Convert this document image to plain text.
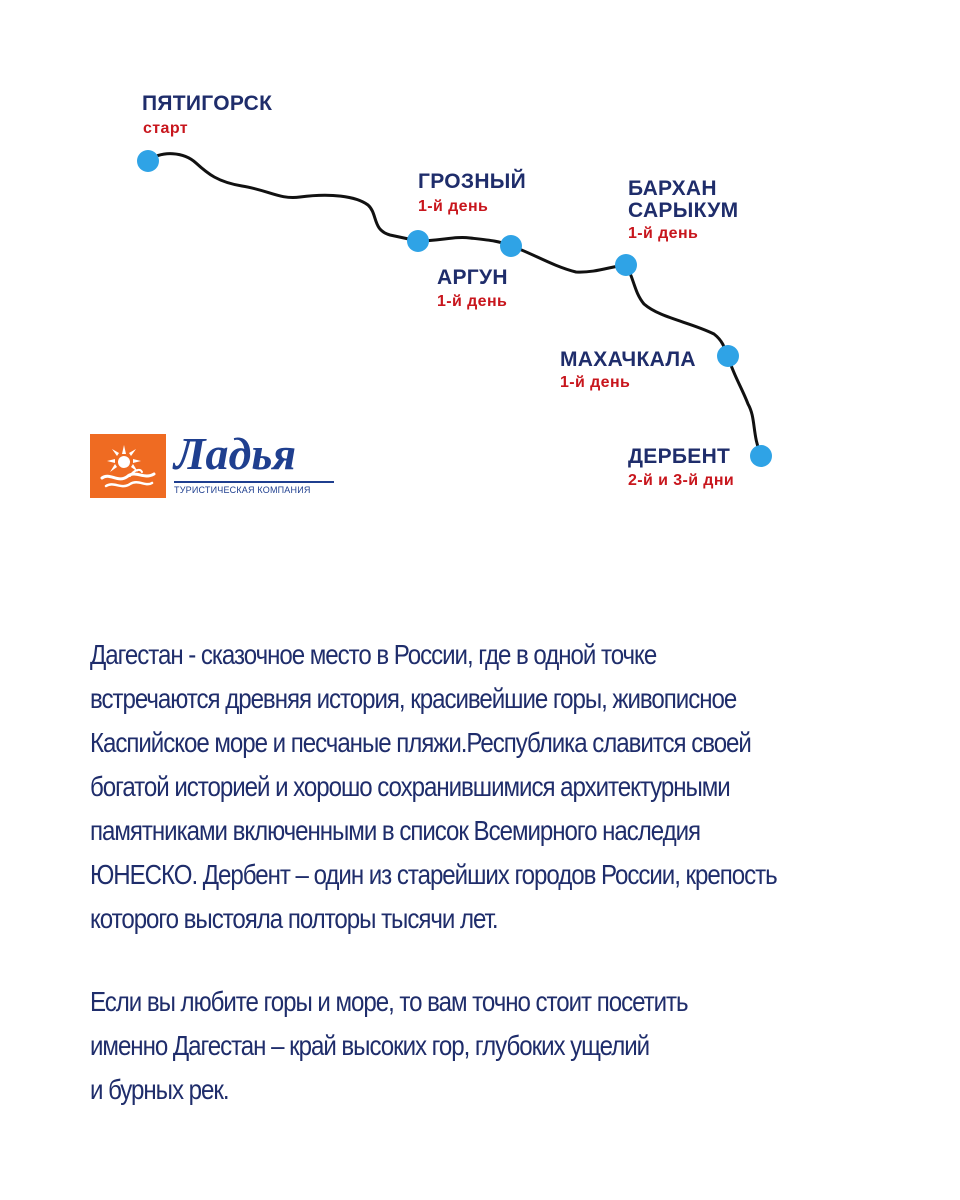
ПЯТИГОРСК
старт
ГРОЗНЫЙ
1-й день
АРГУН
1-й день
БАРХАН
САРЫКУМ
1-й день
МАХАЧКАЛА
1-й день
ДЕРБЕНТ
2-й и 3-й дни
Ладья
ТУРИСТИЧЕСКАЯ КОМПАНИЯ
Дагестан - сказочное место в России, где в одной точке
встречаются древняя история, красивейшие горы, живописное
Каспийское море и песчаные пляжи.Республика славится своей
богатой историей и хорошо сохранившимися архитектурными
памятниками включенными в список Всемирного наследия
ЮНЕСКО. Дербент – один из старейших городов России, крепость
которого выстояла полторы тысячи лет.
Если вы любите горы и море, то вам точно стоит посетить
именно Дагестан – край высоких гор, глубоких ущелий
и бурных рек.
